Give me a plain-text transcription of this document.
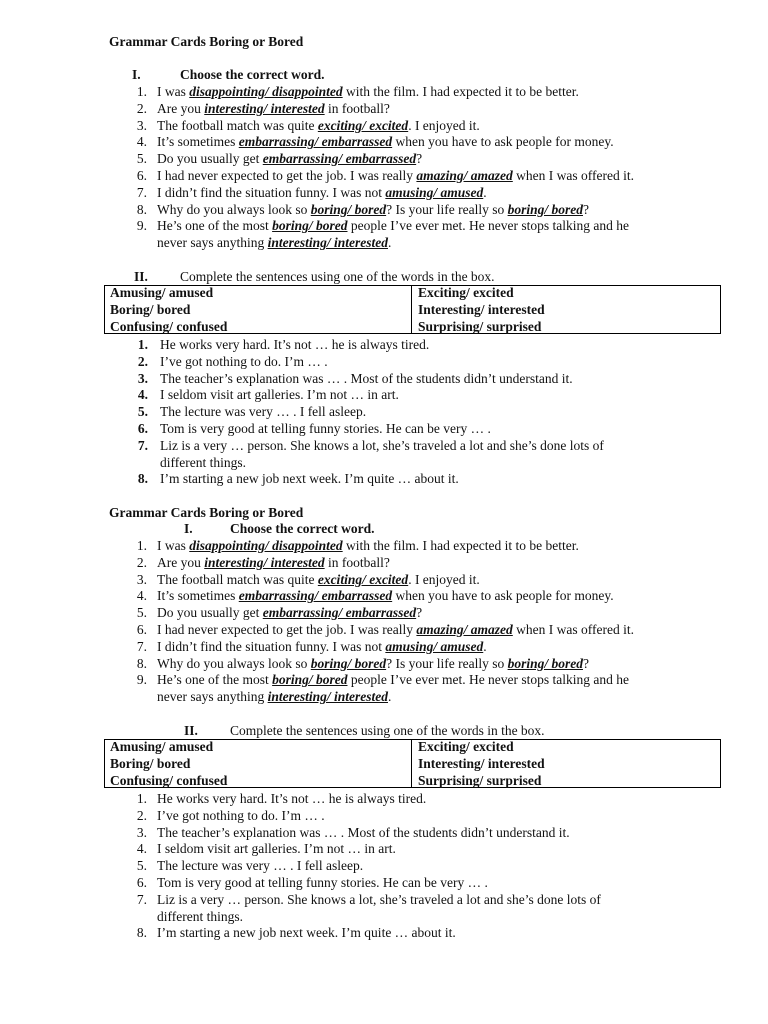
Grammar Cards Boring or Bored
I.	Choose the correct word.
1. I was disappointing/ disappointed with the film. I had expected it to be better.
2. Are you interesting/ interested in football?
3. The football match was quite exciting/ excited. I enjoyed it.
4. It’s sometimes embarrassing/ embarrassed when you have to ask people for money.
5. Do you usually get embarrassing/ embarrassed?
6. I had never expected to get the job. I was really amazing/ amazed when I was offered it.
7. I didn’t find the situation funny. I was not amusing/ amused.
8. Why do you always look so boring/ bored? Is your life really so boring/ bored?
9. He’s one of the most boring/ bored people I’ve ever met. He never stops talking and he
never says anything interesting/ interested.
II. Complete the sentences using one of the words in the box.
Amusing/ amused
Boring/ bored
Confusing/ confused
Exciting/ excited
Interesting/ interested
Surprising/ surprised
1. He works very hard. It’s not … he is always tired.
2. I’ve got nothing to do. I’m … .
3. The teacher’s explanation was … . Most of the students didn’t understand it.
4. I seldom visit art galleries. I’m not … in art.
5. The lecture was very … . I fell asleep.
6. Tom is very good at telling funny stories. He can be very … .
7. Liz is a very … person. She knows a lot, she’s traveled a lot and she’s done lots of
different things.
8. I’m starting a new job next week. I’m quite … about it.
Grammar Cards Boring or Bored
I.	Choose the correct word.
1. I was disappointing/ disappointed with the film. I had expected it to be better.
2. Are you interesting/ interested in football?
3. The football match was quite exciting/ excited. I enjoyed it.
4. It’s sometimes embarrassing/ embarrassed when you have to ask people for money.
5. Do you usually get embarrassing/ embarrassed?
6. I had never expected to get the job. I was really amazing/ amazed when I was offered it.
7. I didn’t find the situation funny. I was not amusing/ amused.
8. Why do you always look so boring/ bored? Is your life really so boring/ bored?
9. He’s one of the most boring/ bored people I’ve ever met. He never stops talking and he
never says anything interesting/ interested.
II. Complete the sentences using one of the words in the box.
Amusing/ amused
Boring/ bored
Confusing/ confused
Exciting/ excited
Interesting/ interested
Surprising/ surprised
1. He works very hard. It’s not … he is always tired.
2. I’ve got nothing to do. I’m … .
3. The teacher’s explanation was … . Most of the students didn’t understand it.
4. I seldom visit art galleries. I’m not … in art.
5. The lecture was very … . I fell asleep.
6. Tom is very good at telling funny stories. He can be very … .
7. Liz is a very … person. She knows a lot, she’s traveled a lot and she’s done lots of
different things.
8. I’m starting a new job next week. I’m quite … about it.
